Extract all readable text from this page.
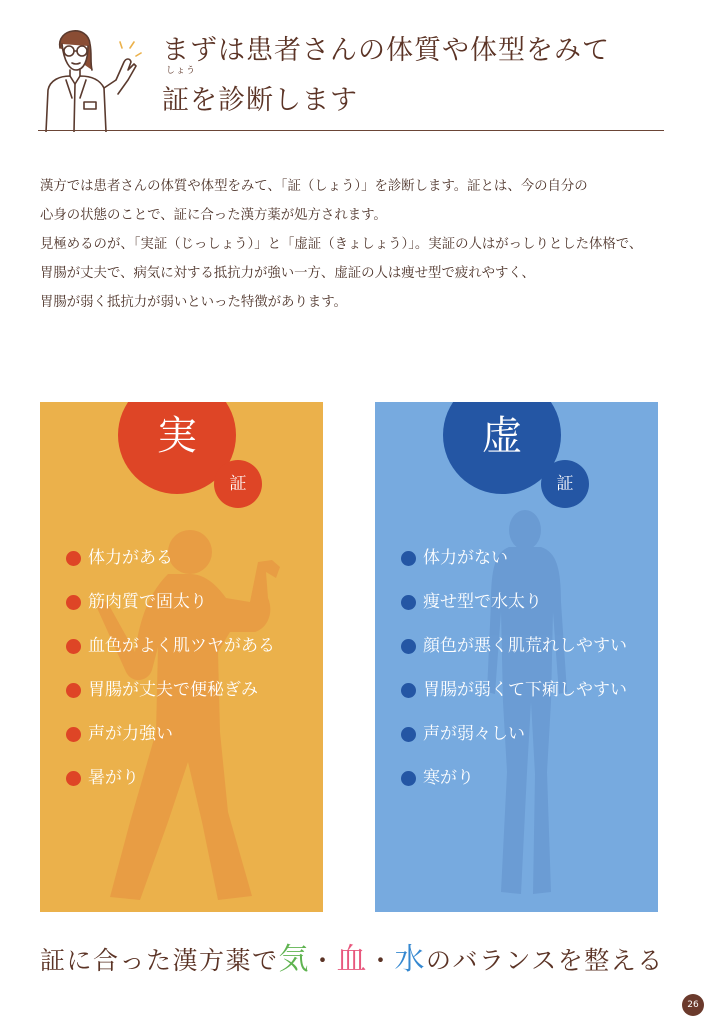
まずは患者さんの体質や体型をみて
しょう
証を診断します

漢方では患者さんの体質や体型をみて、「証（しょう）」を診断します。証とは、今の自分の

心身の状態のことで、証に合った漢方薬が処方されます。

見極めるのが、「実証（じっしょう）」と「虚証（きょしょう）」。実証の人はがっしりとした体格で、

胃腸が丈夫で、病気に対する抵抗力が強い一方、虚証の人は痩せ型で疲れやすく、

胃腸が弱く抵抗力が弱いといった特徴があります。

実
証
体力がある
筋肉質で固太り
血色がよく肌ツヤがある
胃腸が丈夫で便秘ぎみ
声が力強い
暑がり
虚
証
体力がない
痩せ型で水太り
顔色が悪く肌荒れしやすい
胃腸が弱くて下痢しやすい
声が弱々しい
寒がり
証に合った漢方薬で気・血・水のバランスを整える
26
